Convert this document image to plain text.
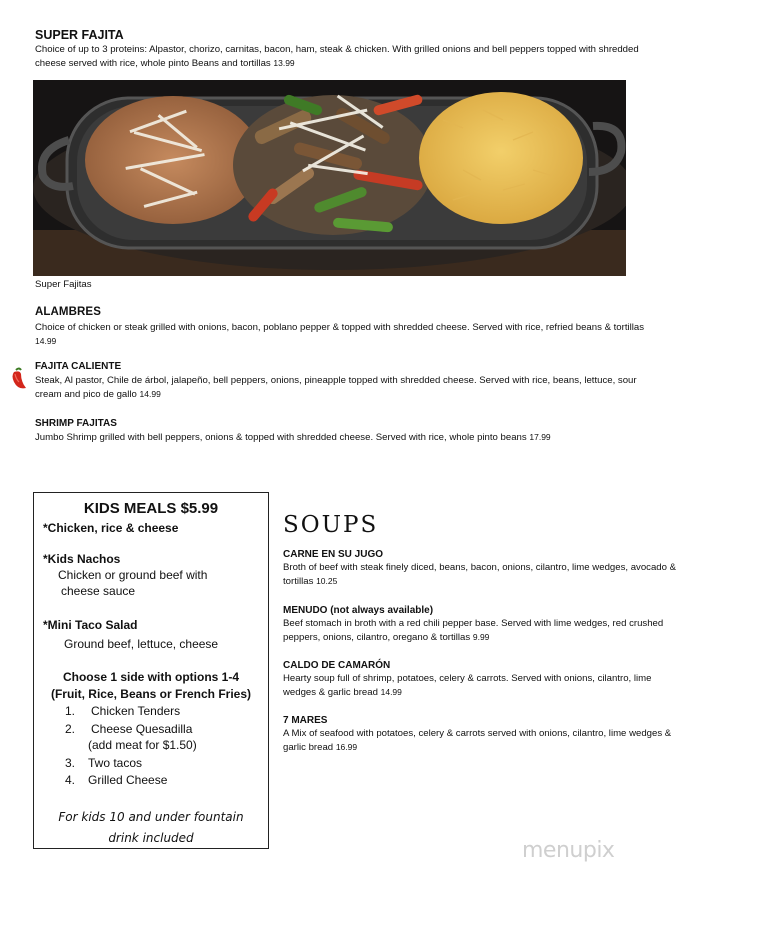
SUPER FAJITA
Choice of up to 3 proteins: Alpastor, chorizo, carnitas, bacon, ham, steak & chicken. With grilled onions and bell peppers topped with shredded
cheese served with rice, whole pinto Beans and tortillas 13.99
Super Fajitas
ALAMBRES
Choice of chicken or steak grilled with onions, bacon, poblano pepper & topped with shredded cheese. Served with rice, refried beans & tortillas
14.99
FAJITA CALIENTE
Steak, Al pastor, Chile de árbol, jalapeño, bell peppers, onions, pineapple topped with shredded cheese. Served with rice, beans, lettuce, sour
cream and pico de gallo 14.99
SHRIMP FAJITAS
Jumbo Shrimp grilled with bell peppers, onions & topped with shredded cheese. Served with rice, whole pinto beans 17.99
KIDS MEALS $5.99
*Chicken, rice & cheese
*Kids Nachos
Chicken or ground beef with
cheese sauce
*Mini Taco Salad
Ground beef, lettuce, cheese
Choose 1 side with options 1-4
(Fruit, Rice, Beans or French Fries)
1. Chicken Tenders
2. Cheese Quesadilla
(add meat for $1.50)
3. Two tacos
4. Grilled Cheese
For kids 10 and under fountain
drink included
SOUPS
CARNE EN SU JUGO
Broth of beef with steak finely diced, beans, bacon, onions, cilantro, lime wedges, avocado &
tortillas 10.25
MENUDO (not always available)
Beef stomach in broth with a red chili pepper base. Served with lime wedges, red crushed
peppers, onions, cilantro, oregano & tortillas 9.99
CALDO DE CAMARÓN
Hearty soup full of shrimp, potatoes, celery & carrots. Served with onions, cilantro, lime
wedges & garlic bread 14.99
7 MARES
A Mix of seafood with potatoes, celery & carrots served with onions, cilantro, lime wedges &
garlic bread 16.99
menupix
